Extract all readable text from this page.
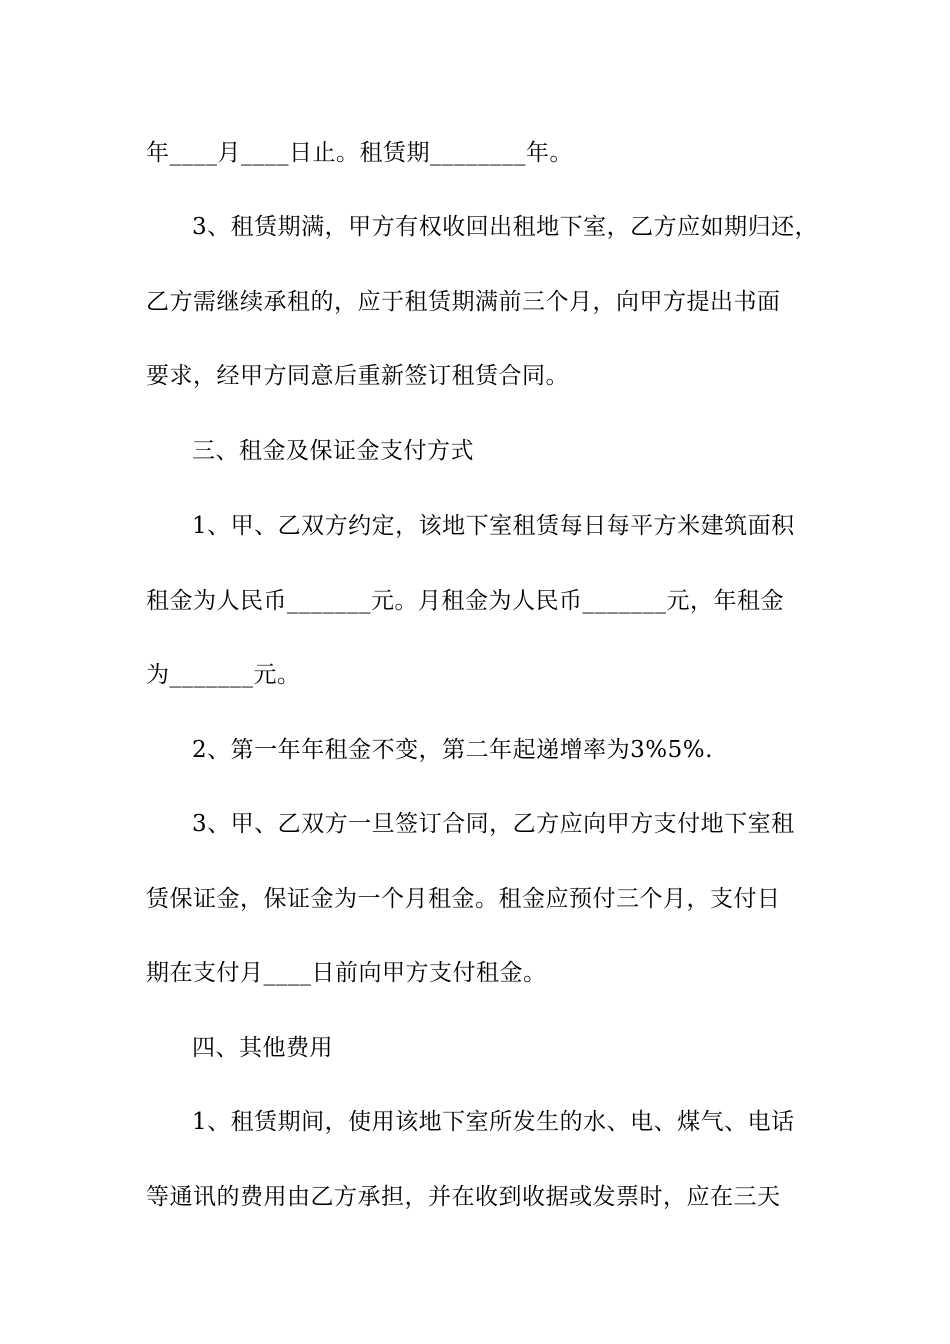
年____月____日止。租赁期________年。
3、租赁期满，甲方有权收回出租地下室，乙方应如期归还，
乙方需继续承租的，应于租赁期满前三个月，向甲方提出书面
要求，经甲方同意后重新签订租赁合同。
三、租金及保证金支付方式
1、甲、乙双方约定，该地下室租赁每日每平方米建筑面积
租金为人民币_______元。月租金为人民币_______元，年租金
为_______元。
2、第一年年租金不变，第二年起递增率为3%5%.
3、甲、乙双方一旦签订合同，乙方应向甲方支付地下室租
赁保证金，保证金为一个月租金。租金应预付三个月，支付日
期在支付月____日前向甲方支付租金。
四、其他费用
1、租赁期间，使用该地下室所发生的水、电、煤气、电话
等通讯的费用由乙方承担，并在收到收据或发票时，应在三天
